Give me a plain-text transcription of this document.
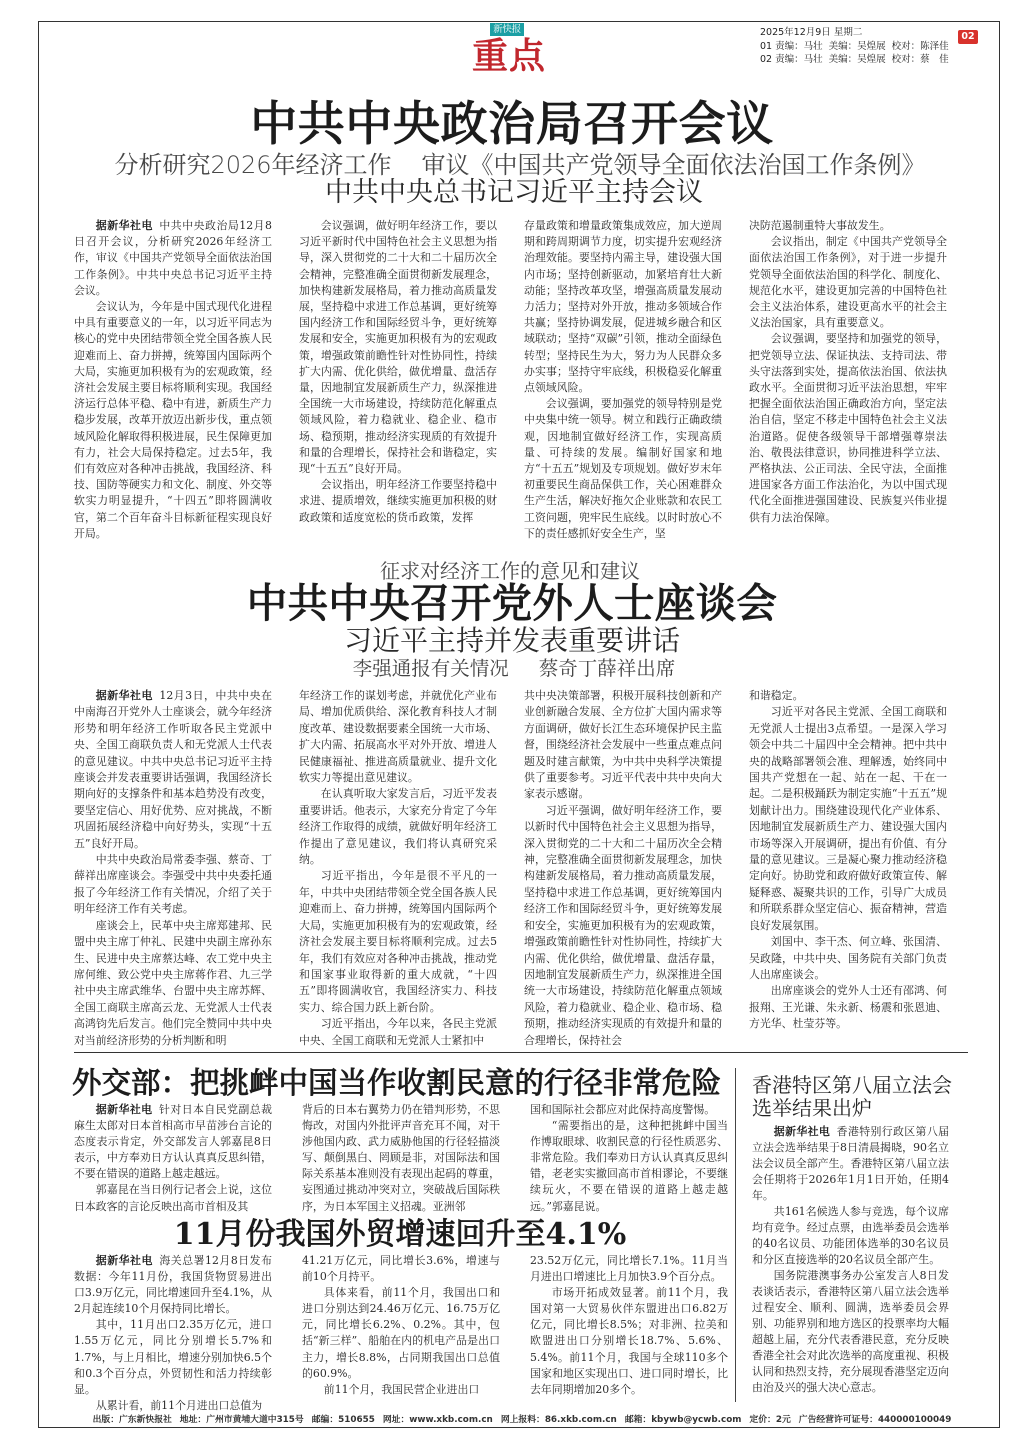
新快报
重点
2025年12月9日 星期二
01 责编：马壮 美编：吴煌展 校对：陈泽佳
02 责编：马壮 美编：吴煌展 校对：蔡　佳
02
中共中央政治局召开会议
分析研究2026年经济工作 审议《中国共产党领导全面依法治国工作条例》
中共中央总书记习近平主持会议

据新华社电 中共中央政治局12月8日召开会议，分析研究2026年经济工作，审议《中国共产党领导全面依法治国工作条例》。中共中央总书记习近平主持会议。

会议认为，今年是中国式现代化进程中具有重要意义的一年，以习近平同志为核心的党中央团结带领全党全国各族人民迎难而上、奋力拼搏，统筹国内国际两个大局，实施更加积极有为的宏观政策，经济社会发展主要目标将顺利实现。我国经济运行总体平稳、稳中有进，新质生产力稳步发展，改革开放迈出新步伐，重点领域风险化解取得积极进展，民生保障更加有力，社会大局保持稳定。过去5年，我们有效应对各种冲击挑战，我国经济、科技、国防等硬实力和文化、制度、外交等软实力明显提升，“十四五”即将圆满收官，第二个百年奋斗目标新征程实现良好开局。

会议强调，做好明年经济工作，要以习近平新时代中国特色社会主义思想为指导，深入贯彻党的二十大和二十届历次全会精神，完整准确全面贯彻新发展理念，加快构建新发展格局，着力推动高质量发展，坚持稳中求进工作总基调，更好统筹国内经济工作和国际经贸斗争，更好统筹发展和安全，实施更加积极有为的宏观政策，增强政策前瞻性针对性协同性，持续扩大内需、优化供给，做优增量、盘活存量，因地制宜发展新质生产力，纵深推进全国统一大市场建设，持续防范化解重点领域风险，着力稳就业、稳企业、稳市场、稳预期，推动经济实现质的有效提升和量的合理增长，保持社会和谐稳定，实现“十五五”良好开局。

会议指出，明年经济工作要坚持稳中求进、提质增效，继续实施更加积极的财政政策和适度宽松的货币政策，发挥

存量政策和增量政策集成效应，加大逆周期和跨周期调节力度，切实提升宏观经济治理效能。要坚持内需主导，建设强大国内市场；坚持创新驱动，加紧培育壮大新动能；坚持改革攻坚，增强高质量发展动力活力；坚持对外开放，推动多领域合作共赢；坚持协调发展，促进城乡融合和区域联动；坚持“双碳”引领，推动全面绿色转型；坚持民生为大，努力为人民群众多办实事；坚持守牢底线，积极稳妥化解重点领域风险。

会议强调，要加强党的领导特别是党中央集中统一领导。树立和践行正确政绩观，因地制宜做好经济工作，实现高质量、可持续的发展。编制好国家和地方“十五五”规划及专项规划。做好岁末年初重要民生商品保供工作，关心困难群众生产生活，解决好拖欠企业账款和农民工工资问题，兜牢民生底线。以时时放心不下的责任感抓好安全生产，坚

决防范遏制重特大事故发生。

会议指出，制定《中国共产党领导全面依法治国工作条例》，对于进一步提升党领导全面依法治国的科学化、制度化、规范化水平，建设更加完善的中国特色社会主义法治体系，建设更高水平的社会主义法治国家，具有重要意义。

会议强调，要坚持和加强党的领导，把党领导立法、保证执法、支持司法、带头守法落到实处，提高依法治国、依法执政水平。全面贯彻习近平法治思想，牢牢把握全面依法治国正确政治方向，坚定法治自信，坚定不移走中国特色社会主义法治道路。促使各级领导干部增强尊崇法治、敬畏法律意识，协同推进科学立法、严格执法、公正司法、全民守法，全面推进国家各方面工作法治化，为以中国式现代化全面推进强国建设、民族复兴伟业提供有力法治保障。

征求对经济工作的意见和建议
中共中央召开党外人士座谈会
习近平主持并发表重要讲话
李强通报有关情况 蔡奇丁薛祥出席

据新华社电 12月3日，中共中央在中南海召开党外人士座谈会，就今年经济形势和明年经济工作听取各民主党派中央、全国工商联负责人和无党派人士代表的意见建议。中共中央总书记习近平主持座谈会并发表重要讲话强调，我国经济长期向好的支撑条件和基本趋势没有改变，要坚定信心、用好优势、应对挑战，不断巩固拓展经济稳中向好势头，实现“十五五”良好开局。

中共中央政治局常委李强、蔡奇、丁薛祥出席座谈会。李强受中共中央委托通报了今年经济工作有关情况，介绍了关于明年经济工作有关考虑。

座谈会上，民革中央主席郑建邦、民盟中央主席丁仲礼、民建中央副主席孙东生、民进中央主席蔡达峰、农工党中央主席何维、致公党中央主席蒋作君、九三学社中央主席武维华、台盟中央主席苏辉、全国工商联主席高云龙、无党派人士代表高鸿钧先后发言。他们完全赞同中共中央对当前经济形势的分析判断和明

年经济工作的谋划考虑，并就优化产业布局、增加优质供给、深化教育科技人才制度改革、建设数据要素全国统一大市场、扩大内需、拓展高水平对外开放、增进人民健康福祉、推进高质量就业、提升文化软实力等提出意见建议。

在认真听取大家发言后，习近平发表重要讲话。他表示，大家充分肯定了今年经济工作取得的成绩，就做好明年经济工作提出了意见建议，我们将认真研究采纳。

习近平指出，今年是很不平凡的一年，中共中央团结带领全党全国各族人民迎难而上、奋力拼搏，统筹国内国际两个大局，实施更加积极有为的宏观政策，经济社会发展主要目标将顺利完成。过去5年，我们有效应对各种冲击挑战，推动党和国家事业取得新的重大成就，“十四五”即将圆满收官，我国经济实力、科技实力、综合国力跃上新台阶。

习近平指出，今年以来，各民主党派中央、全国工商联和无党派人士紧扣中

共中央决策部署，积极开展科技创新和产业创新融合发展、全方位扩大国内需求等方面调研，做好长江生态环境保护民主监督，围绕经济社会发展中一些重点难点问题及时建言献策，为中共中央科学决策提供了重要参考。习近平代表中共中央向大家表示感谢。

习近平强调，做好明年经济工作，要以新时代中国特色社会主义思想为指导，深入贯彻党的二十大和二十届历次全会精神，完整准确全面贯彻新发展理念，加快构建新发展格局，着力推动高质量发展，坚持稳中求进工作总基调，更好统筹国内经济工作和国际经贸斗争，更好统筹发展和安全，实施更加积极有为的宏观政策，增强政策前瞻性针对性协同性，持续扩大内需、优化供给，做优增量、盘活存量，因地制宜发展新质生产力，纵深推进全国统一大市场建设，持续防范化解重点领域风险，着力稳就业、稳企业、稳市场、稳预期，推动经济实现质的有效提升和量的合理增长，保持社会

和谐稳定。

习近平对各民主党派、全国工商联和无党派人士提出3点希望。一是深入学习领会中共二十届四中全会精神。把中共中央的战略部署领会准、理解透，始终同中国共产党想在一起、站在一起、干在一起。二是积极踊跃为制定实施“十五五”规划献计出力。围绕建设现代化产业体系、因地制宜发展新质生产力、建设强大国内市场等深入开展调研，提出有价值、有分量的意见建议。三是凝心聚力推动经济稳定向好。协助党和政府做好政策宣传、解疑释惑、凝聚共识的工作，引导广大成员和所联系群众坚定信心、振奋精神，营造良好发展氛围。

刘国中、李干杰、何立峰、张国清、吴政隆，中共中央、国务院有关部门负责人出席座谈会。

出席座谈会的党外人士还有邵鸿、何报翔、王光谦、朱永新、杨震和张恩迪、方光华、杜莹芬等。

外交部：把挑衅中国当作收割民意的行径非常危险

据新华社电 针对日本自民党副总裁麻生太郎对日本首相高市早苗涉台言论的态度表示肯定，外交部发言人郭嘉昆8日表示，中方奉劝日方认认真真反思纠错，不要在错误的道路上越走越远。

郭嘉昆在当日例行记者会上说，这位日本政客的言论反映出高市首相及其

背后的日本右翼势力仍在错判形势，不思悔改，对国内外批评声音充耳不闻，对干涉他国内政、武力威胁他国的行径轻描淡写、颠倒黑白、罔顾是非，对国际法和国际关系基本准则没有表现出起码的尊重，妄图通过挑动冲突对立，突破战后国际秩序，为日本军国主义招魂。亚洲邻

国和国际社会都应对此保持高度警惕。

“需要指出的是，这种把挑衅中国当作博取眼球、收割民意的行径性质恶劣、非常危险。我们奉劝日方认认真真反思纠错，老老实实撤回高市首相谬论，不要继续玩火，不要在错误的道路上越走越远。”郭嘉昆说。

11月份我国外贸增速回升至4.1%

据新华社电 海关总署12月8日发布数据：今年11月份，我国货物贸易进出口3.9万亿元，同比增速回升至4.1%，从2月起连续10个月保持同比增长。

其中，11月出口2.35万亿元，进口1.55万亿元，同比分别增长5.7%和1.7%，与上月相比，增速分别加快6.5个和0.3个百分点，外贸韧性和活力持续彰显。

从累计看，前11个月进出口总值为

41.21万亿元，同比增长3.6%，增速与前10个月持平。

具体来看，前11个月，我国出口和进口分别达到24.46万亿元、16.75万亿元，同比增长6.2%、0.2%。其中，包括“新三样”、船舶在内的机电产品是出口主力，增长8.8%，占同期我国出口总值的60.9%。

前11个月，我国民营企业进出口

23.52万亿元，同比增长7.1%。11月当月进出口增速比上月加快3.9个百分点。

市场开拓成效显著。前11个月，我国对第一大贸易伙伴东盟进出口6.82万亿元，同比增长8.5%；对非洲、拉美和欧盟进出口分别增长18.7%、5.6%、5.4%。前11个月，我国与全球110多个国家和地区实现出口、进口同时增长，比去年同期增加20多个。

香港特区第八届立法会
选举结果出炉

据新华社电 香港特别行政区第八届立法会选举结果于8日清晨揭晓，90名立法会议员全部产生。香港特区第八届立法会任期将于2026年1月1日开始，任期4年。

共161名候选人参与竞选，每个议席均有竞争。经过点票，由选举委员会选举的40名议员、功能团体选举的30名议员和分区直接选举的20名议员全部产生。

国务院港澳事务办公室发言人8日发表谈话表示，香港特区第八届立法会选举过程安全、顺利、圆满，选举委员会界别、功能界别和地方选区的投票率均大幅超越上届，充分代表香港民意，充分反映香港全社会对此次选举的高度重视、积极认同和热烈支持，充分展现香港坚定迈向由治及兴的强大决心意志。

出版：广东新快报社 地址：广州市黄埔大道中315号 邮编：510655 网址：www.xkb.com.cn 网上报料：86.xkb.com.cn 邮箱：kbywb@ycwb.com 定价：2元 广告经营许可证号：440000100049
